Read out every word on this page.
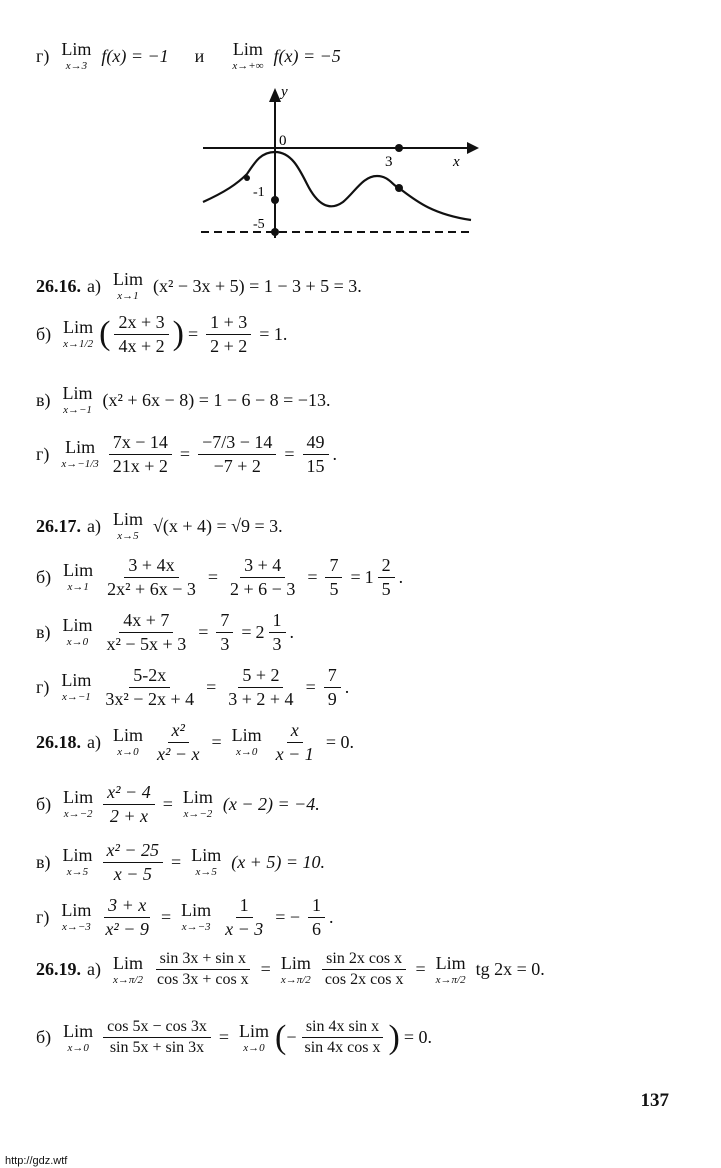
г) Lim
x→3
f(x) = −1 и Lim
x→+∞
f(x) = −5
y
x
0
3
-1
-5
26.16. а) Lim
x→1
(x² − 3x + 5) = 1 − 3 + 5 = 3.
б) Lim
x→1/2 ( $\frac{2x + 3}{4x + 2}$ ) = $\frac{1 + 3}{2 + 2} = 1$.
в) Lim
x→−1
(x² + 6x − 8) = 1 − 6 − 8 = −13.
г) Lim
$x\to-1/3 \frac{7x - 14}{21x + 2} = \frac{-7/3 - 14}{-7 + 2} = \frac{49}{15}$ .
26.17. а) Lim
x→5
√(x + 4) = √9 = 3.
б) Lim
$x\to 1 \frac{3 + 4x}{\text{2x² + 6x − 3}} = \frac{3 + 4}{2 + 6 - 3} = \frac{7}{5} = 1 \frac{2}{5}$ .
в) Lim
$x\to 0 \frac{4x + 7}{\text{x² − 5x + 3}} = \frac{7}{3} = 2 \frac{1}{3}$ .
г) Lim
$x\to-1 \frac{5-2x}{\text{3x² − 2x + 4}} = \frac{5 + 2}{3 + 2 + 4} = \frac{7}{9}$ .
26.18. а) Lim
$x\to 0 \frac{\text{x²}}{\text{x² − x}}$ = Lim
$x\to 0 \frac{x}{x - 1} = 0$.
б) Lim
$x\to-2 \frac{\text{x² − 4}}{2 + x}$ = Lim
x→−2
(x − 2) = −4.
в) Lim
$x\to 5 \frac{\text{x² − 25}}{x - 5}$ = Lim
x→5
(x + 5) = 10.
г) Lim
$x\to-3 \frac{3 + x}{\text{x² − 9}}$ = Lim
$x\to-3 \frac{1}{x - 3}$ = − $\frac{1}{6}$ .
26.19. а) Lim
$x\to\pi/2 \frac{\text{sin 3x + sin x}}{\text{cos 3x + cos x}}$ = Lim
$x\to\pi/2 \frac{\text{sin 2x cos x}}{\text{cos 2x cos x}}$ = Lim
x→π/2
tg 2x = 0.
б) Lim
$x\to 0 \frac{\cos 5x - \cos 3x}{\sin 5x + \sin 3x}$ = Lim
x→0 ( − $\frac{\text{sin 4x sin x}}{\text{sin 4x cos x}}$ ) = 0.
137
http://gdz.wtf
